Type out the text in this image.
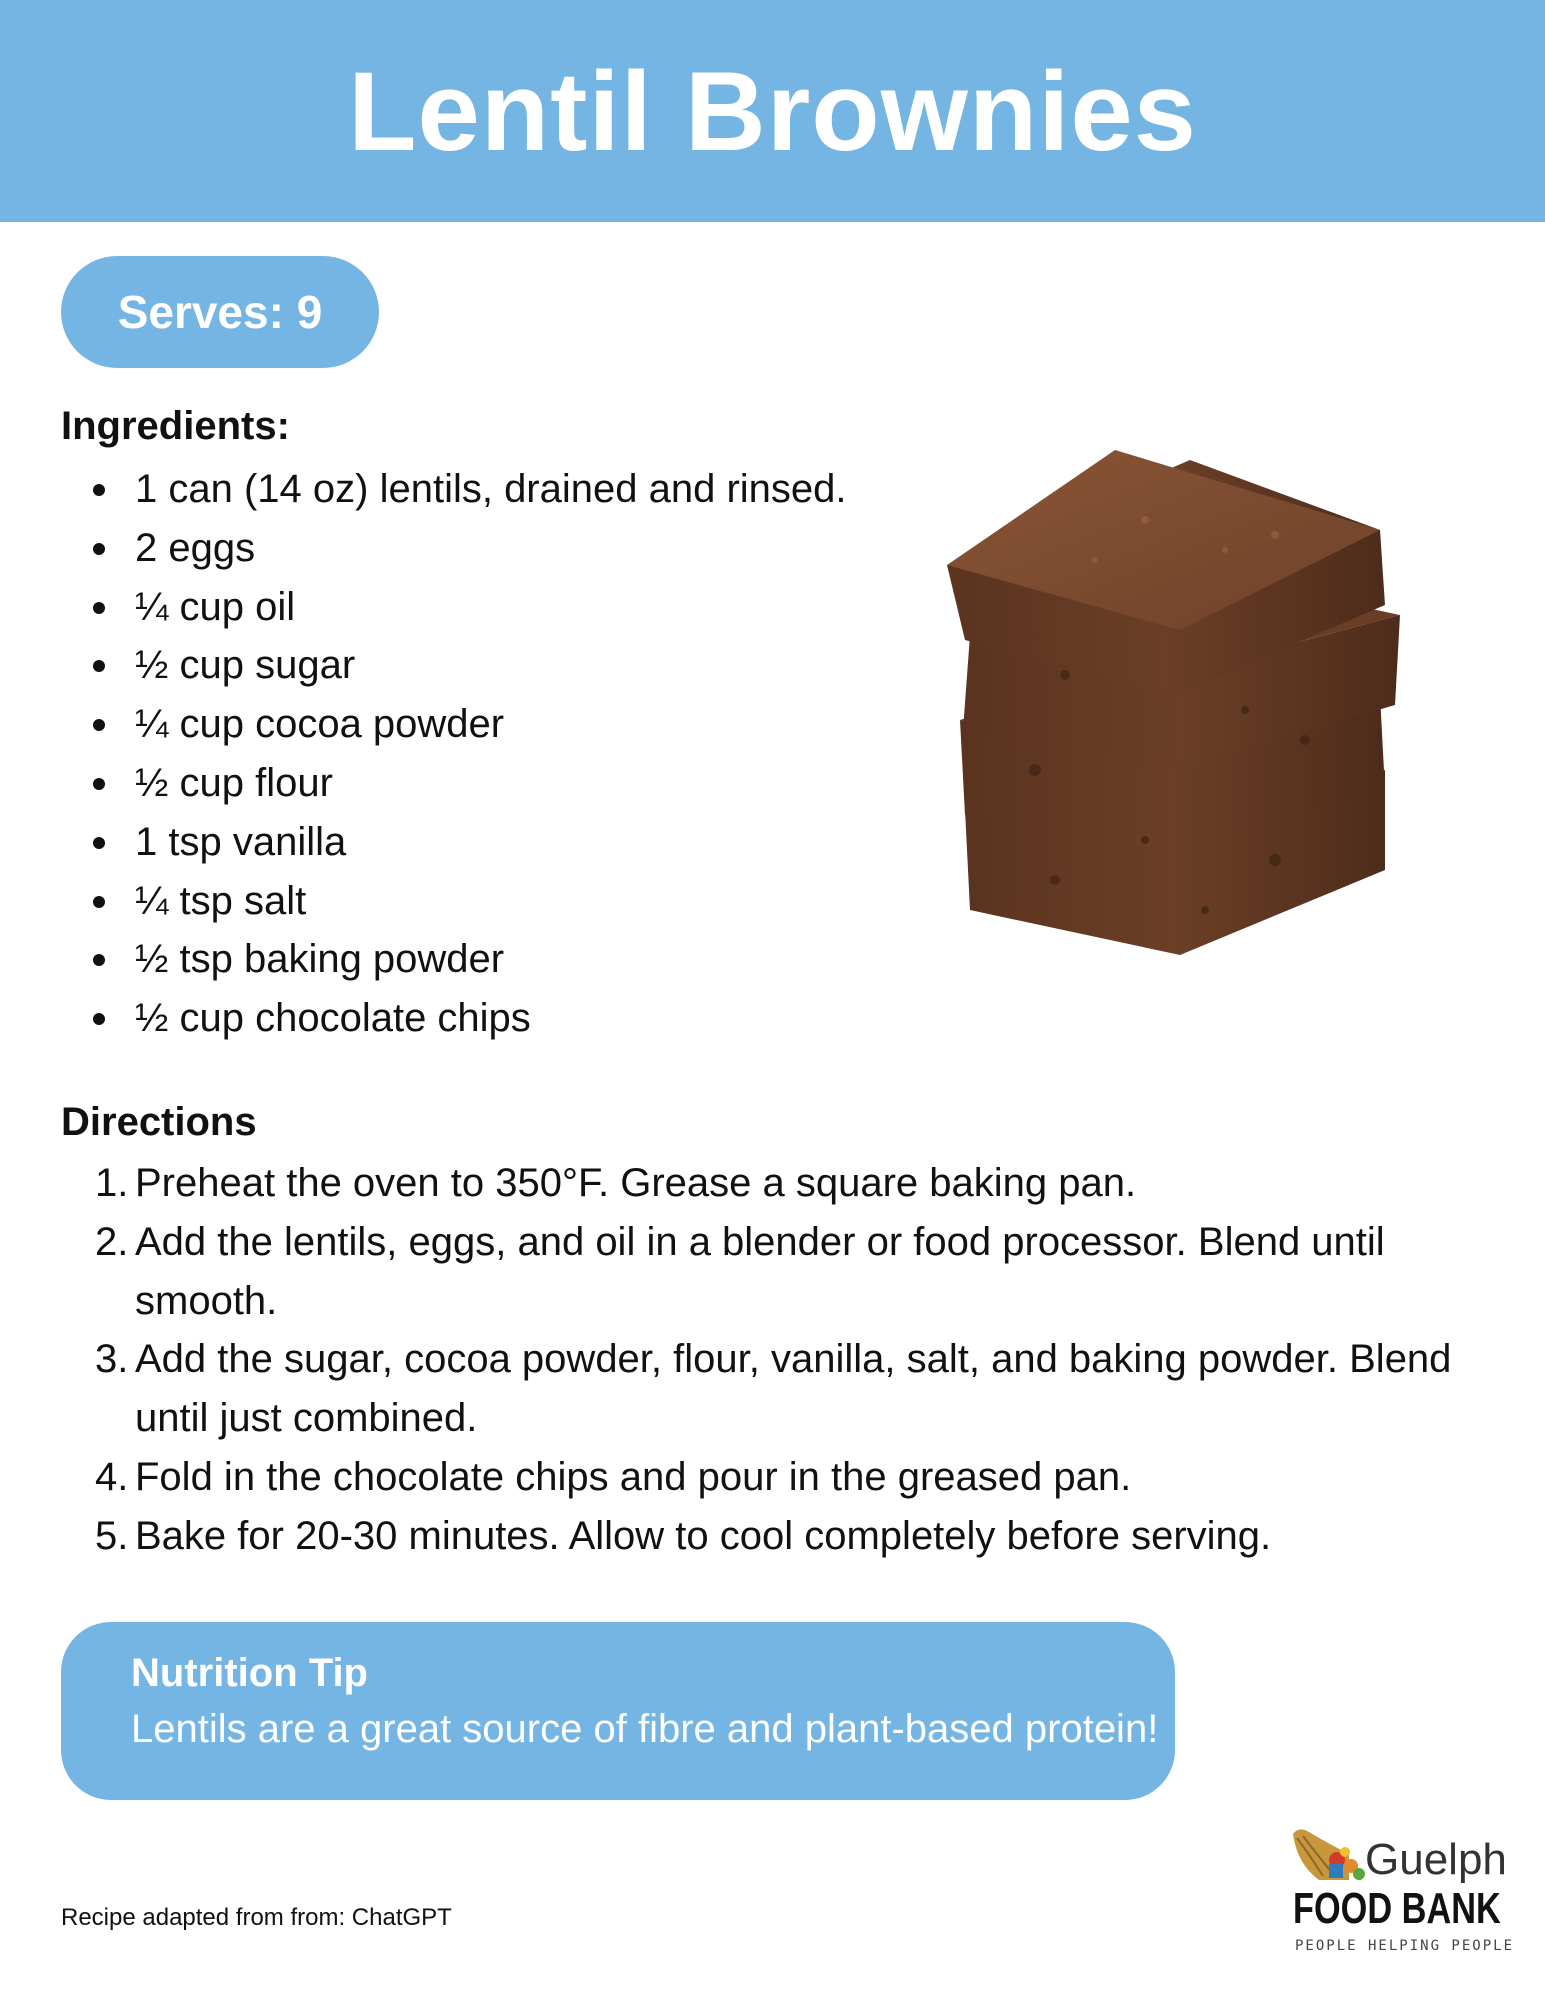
Lentil Brownies
Serves: 9
Ingredients:
1 can (14 oz) lentils, drained and rinsed.
2 eggs
¼ cup oil
½ cup sugar
¼ cup cocoa powder
½ cup flour
1 tsp vanilla
¼ tsp salt
½ tsp baking powder
½ cup chocolate chips
Directions
1. Preheat the oven to 350°F. Grease a square baking pan.
2. Add the lentils, eggs, and oil in a blender or food processor. Blend until smooth.
3. Add the sugar, cocoa powder, flour, vanilla, salt, and baking powder. Blend until just combined.
4. Fold in the chocolate chips and pour in the greased pan.
5. Bake for 20-30 minutes. Allow to cool completely before serving.
Nutrition Tip
Lentils are a great source of fibre and plant-based protein!
Recipe adapted from from: ChatGPT
Guelph
FOOD BANK
PEOPLE HELPING PEOPLE
